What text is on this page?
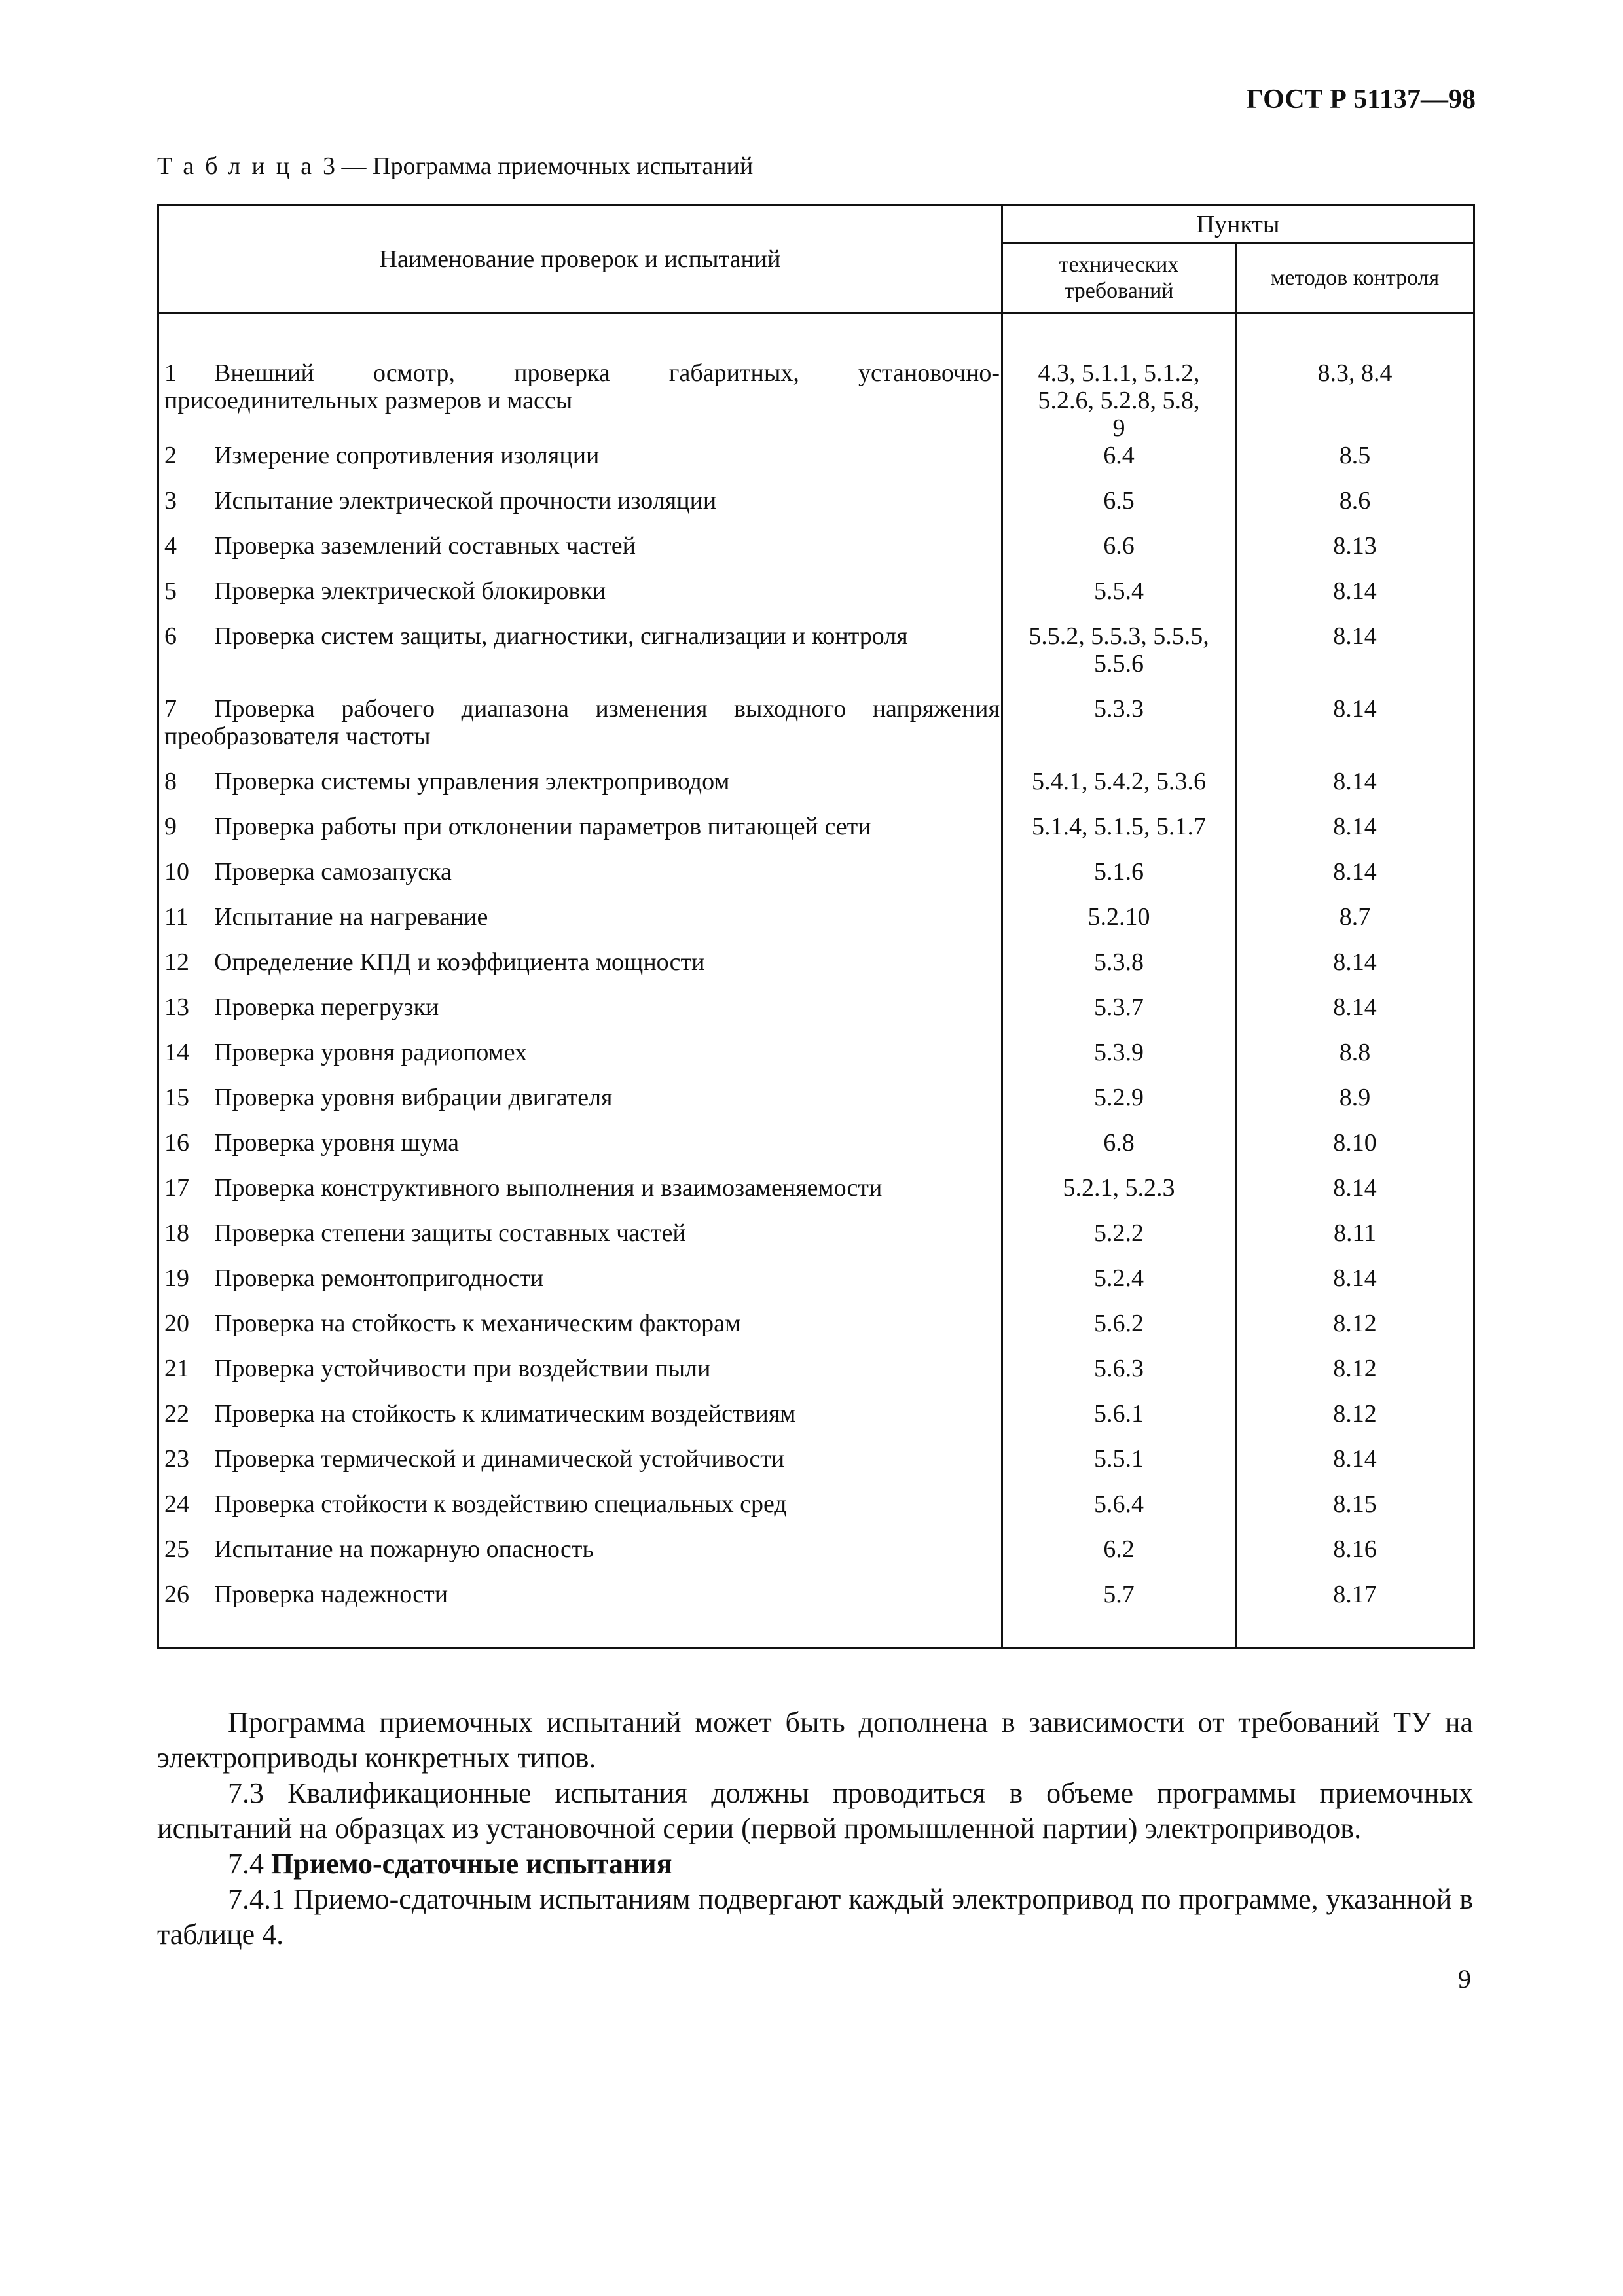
ГОСТ Р 51137—98
Таблица3 — Программа приемочных испытаний
Наименование проверок и испытаний	Пункты	
	технических требований	методов контроля

1 Внешний осмотр, проверка габаритных, установочно-присоединительных размеров и массы	4.3, 5.1.1, 5.1.2, 5.2.6, 5.2.8, 5.8, 9	8.3, 8.4

2 Измерение сопротивления изоляции	6.4	8.5

3 Испытание электрической прочности изоляции	6.5	8.6

4 Проверка заземлений составных частей	6.6	8.13

5 Проверка электрической блокировки	5.5.4	8.14

6 Проверка систем защиты, диагностики, сигнализации и контроля	5.5.2, 5.5.3, 5.5.5, 5.5.6	8.14

7 Проверка рабочего диапазона изменения выходного напряжения преобразователя частоты	5.3.3	8.14

8 Проверка системы управления электроприводом	5.4.1, 5.4.2, 5.3.6	8.14

9 Проверка работы при отклонении параметров питающей сети	5.1.4, 5.1.5, 5.1.7	8.14

10 Проверка самозапуска	5.1.6	8.14

11 Испытание на нагревание	5.2.10	8.7

12 Определение КПД и коэффициента мощности	5.3.8	8.14

13 Проверка перегрузки	5.3.7	8.14

14 Проверка уровня радиопомех	5.3.9	8.8

15 Проверка уровня вибрации двигателя	5.2.9	8.9

16 Проверка уровня шума	6.8	8.10

17 Проверка конструктивного выполнения и взаимозаменяемости	5.2.1, 5.2.3	8.14

18 Проверка степени защиты составных частей	5.2.2	8.11

19 Проверка ремонтопригодности	5.2.4	8.14

20 Проверка на стойкость к механическим факторам	5.6.2	8.12

21 Проверка устойчивости при воздействии пыли	5.6.3	8.12

22 Проверка на стойкость к климатическим воздействиям	5.6.1	8.12

23 Проверка термической и динамической устойчивости	5.5.1	8.14

24 Проверка стойкости к воздействию специальных сред	5.6.4	8.15

25 Испытание на пожарную опасность	6.2	8.16

26 Проверка надежности	5.7	8.17

Программа приемочных испытаний может быть дополнена в зависимости от требований ТУ на электроприводы конкретных типов.

7.3 Квалификационные испытания должны проводиться в объеме программы приемочных испытаний на образцах из установочной серии (первой промышленной партии) электроприводов.

7.4 Приемо-сдаточные испытания

7.4.1 Приемо-сдаточным испытаниям подвергают каждый электропривод по программе, указанной в таблице 4.

9
